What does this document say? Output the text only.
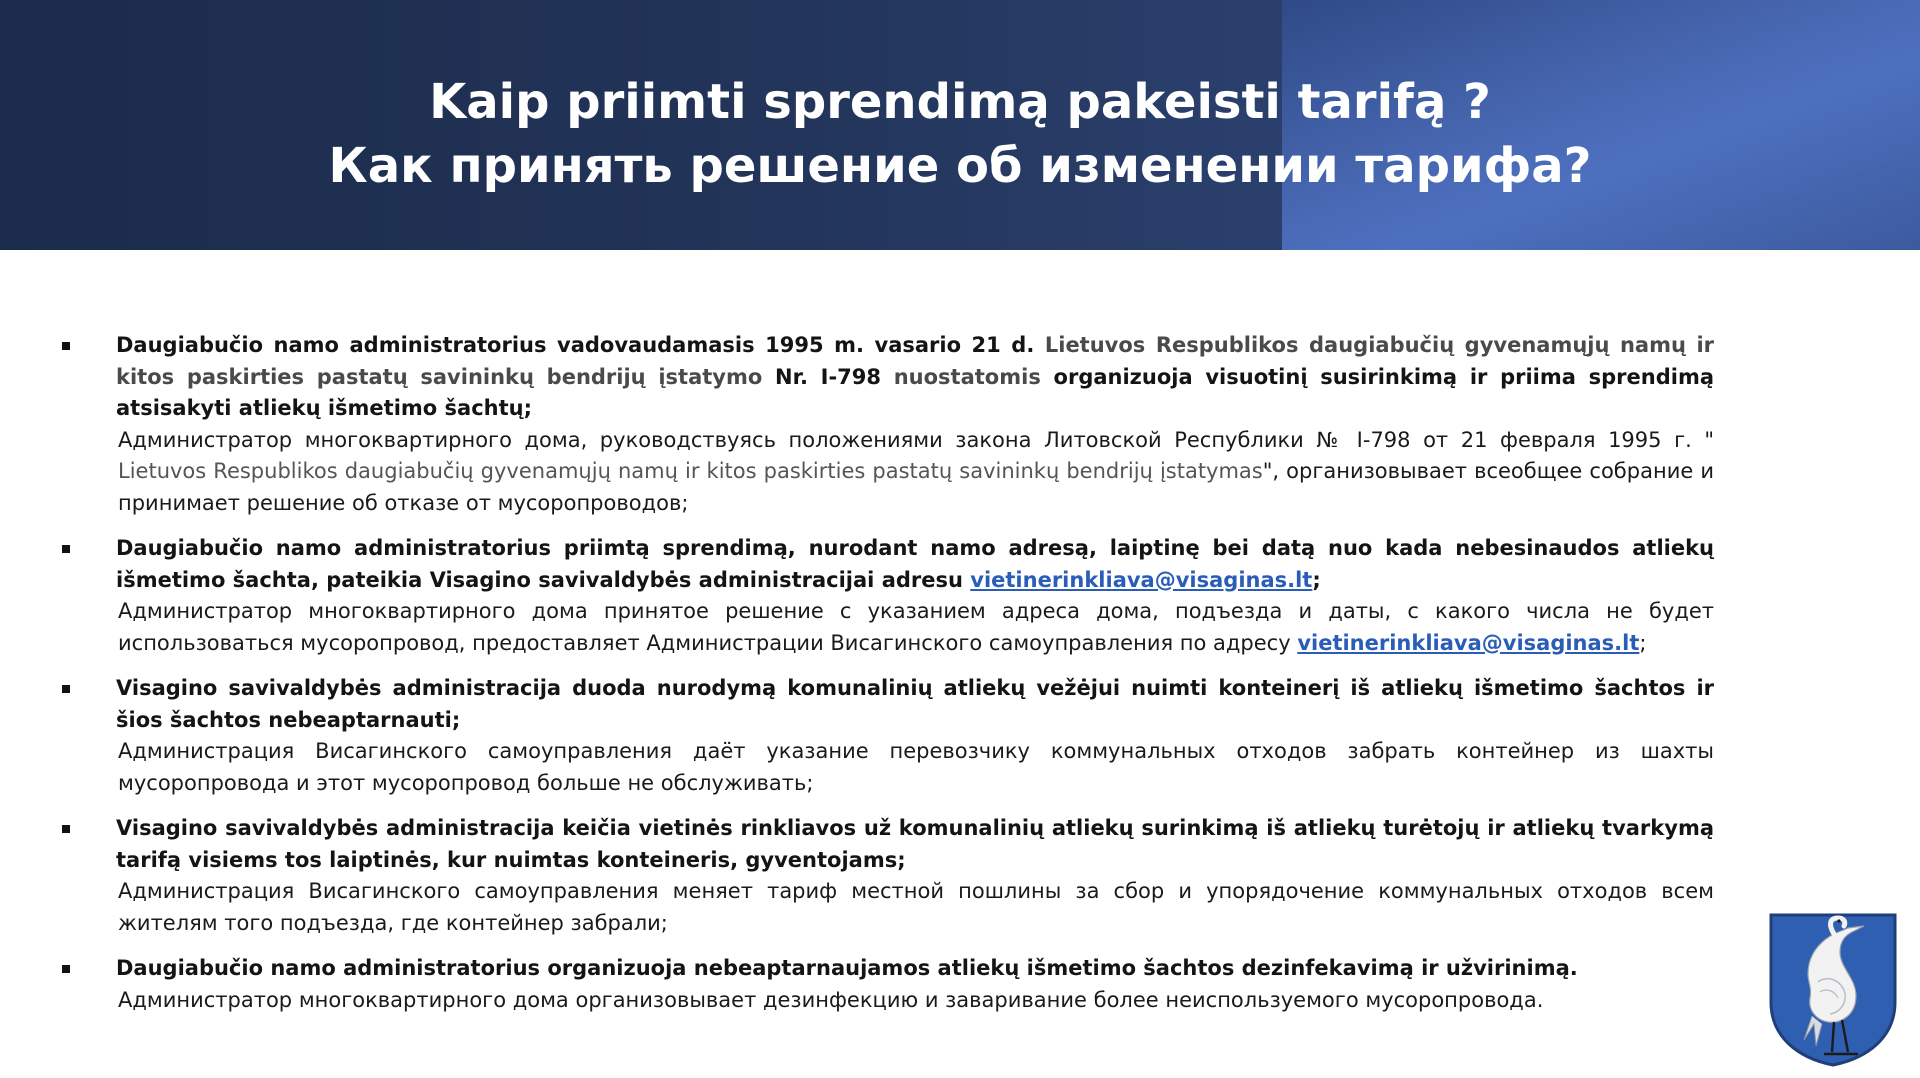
Kaip priimti sprendimą pakeisti tarifą ?
Как принять решение об изменении тарифа?
Daugiabučio namo administratorius vadovaudamasis 1995 m. vasario 21 d. Lietuvos Respublikos daugiabučių gyvenamųjų namų ir kitos paskirties pastatų savininkų bendrijų įstatymo Nr. I-798 nuostatomis organizuoja visuotinį susirinkimą ir priima sprendimą atsisakyti atliekų išmetimo šachtų;
Администратор многоквартирного дома, руководствуясь положениями закона Литовской Республики № I-798 от 21 февраля 1995 г. " Lietuvos Respublikos daugiabučių gyvenamųjų namų ir kitos paskirties pastatų savininkų bendrijų įstatymas", организовывает всеобщее собрание и принимает решение об отказе от мусоропроводов;
Daugiabučio namo administratorius priimtą sprendimą, nurodant namo adresą, laiptinę bei datą nuo kada nebesinaudos atliekų išmetimo šachta, pateikia Visagino savivaldybės administracijai adresu vietinerinkliava@visaginas.lt;
Администратор многоквартирного дома принятое решение с указанием адреса дома, подъезда и даты, с какого числа не будет использоваться мусоропровод, предоставляет Администрации Висагинского самоуправления по адресу vietinerinkliava@visaginas.lt;
Visagino savivaldybės administracija duoda nurodymą komunalinių atliekų vežėjui nuimti konteinerį iš atliekų išmetimo šachtos ir šios šachtos nebeaptarnauti;
Администрация Висагинского самоуправления даёт указание перевозчику коммунальных отходов забрать контейнер из шахты мусоропровода и этот мусоропровод больше не обслуживать;
Visagino savivaldybės administracija keičia vietinės rinkliavos už komunalinių atliekų surinkimą iš atliekų turėtojų ir atliekų tvarkymą tarifą visiems tos laiptinės, kur nuimtas konteineris, gyventojams;
Администрация Висагинского самоуправления меняет тариф местной пошлины за сбор и упорядочение коммунальных отходов всем жителям того подъезда, где контейнер забрали;
Daugiabučio namo administratorius organizuoja nebeaptarnaujamos atliekų išmetimo šachtos dezinfekavimą ir užvirinimą.
Администратор многоквартирного дома организовывает дезинфекцию и заваривание более неиспользуемого мусоропровода.
